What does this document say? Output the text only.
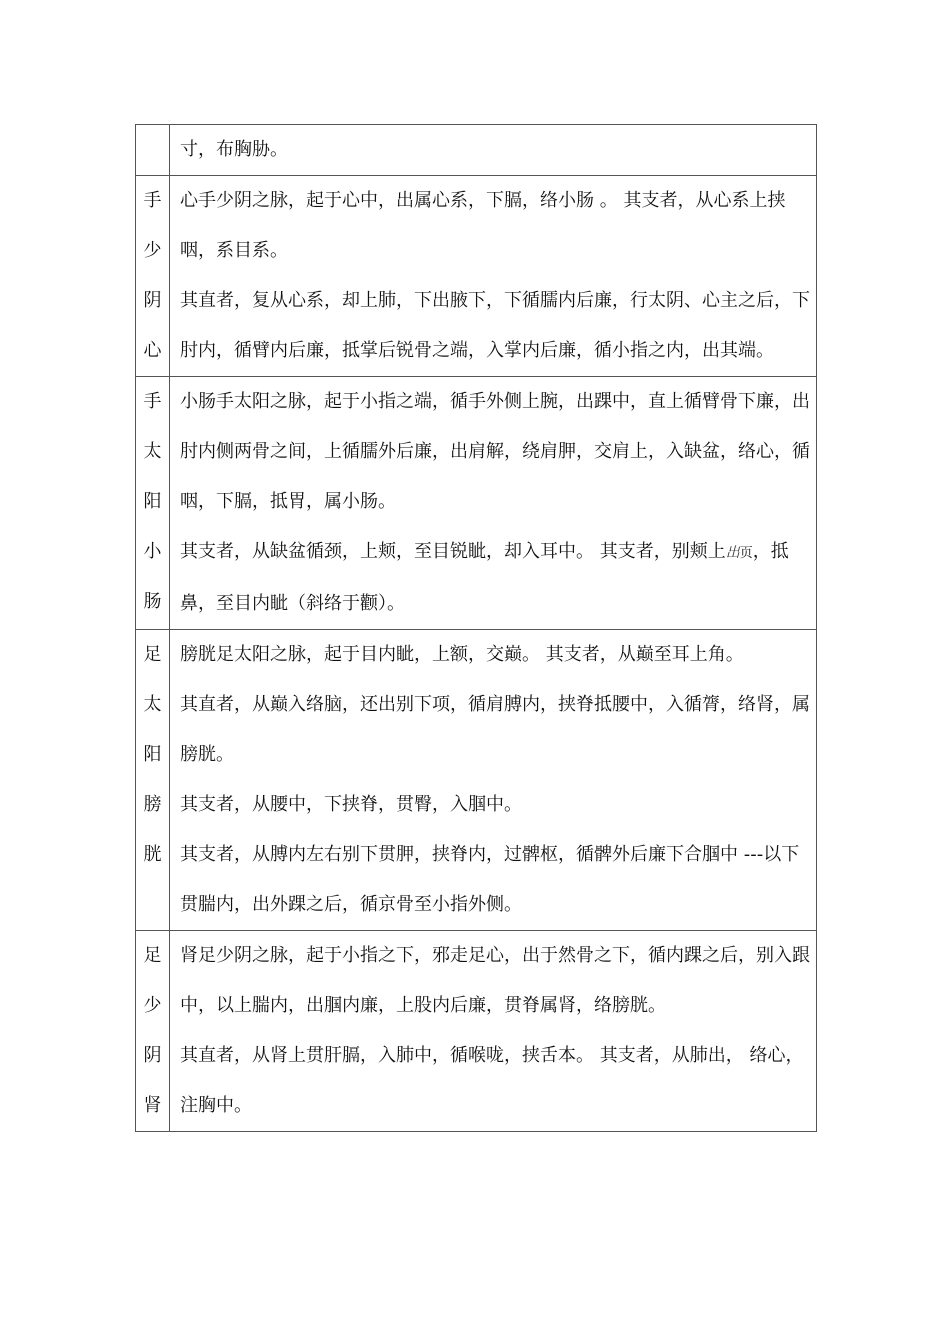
	寸，布胸胁。

手
少
阴
心	心手少阴之脉，起于心中，出属心系，下膈，络小肠 。 其支者，从心系上挟咽，系目系。
其直者，复从心系，却上肺，下出腋下，下循臑内后廉，行太阴、心主之后，下肘内，循臂内后廉，抵掌后锐骨之端，入掌内后廉，循小指之内，出其端。

手
太
阳
小
肠	小肠手太阳之脉，起于小指之端，循手外侧上腕，出踝中，直上循臂骨下廉，出肘内侧两骨之间，上循臑外后廉，出肩解，绕肩胛，交肩上，入缺盆，络心，循咽，下膈，抵胃，属小肠。
其支者，从缺盆循颈，上颊，至目锐眦，却入耳中。 其支者，别颊上出页，抵鼻，至目内眦（斜络于颧）。

足
太
阳
膀
胱	膀胱足太阳之脉，起于目内眦，上额，交巅。 其支者，从巅至耳上角。
其直者，从巅入络脑，还出别下项，循肩膊内，挟脊抵腰中，入循膂，络肾，属膀胱。
其支者，从腰中，下挟脊，贯臀，入腘中。
其支者，从膊内左右别下贯胛，挟脊内，过髀枢，循髀外后廉下合腘中 ---以下贯腨内，出外踝之后，循京骨至小指外侧。

足
少
阴
肾	肾足少阴之脉，起于小指之下，邪走足心，出于然骨之下，循内踝之后，别入跟中，以上腨内，出腘内廉，上股内后廉，贯脊属肾，络膀胱。
其直者，从肾上贯肝膈，入肺中，循喉咙，挟舌本。 其支者，从肺出， 络心，注胸中。
